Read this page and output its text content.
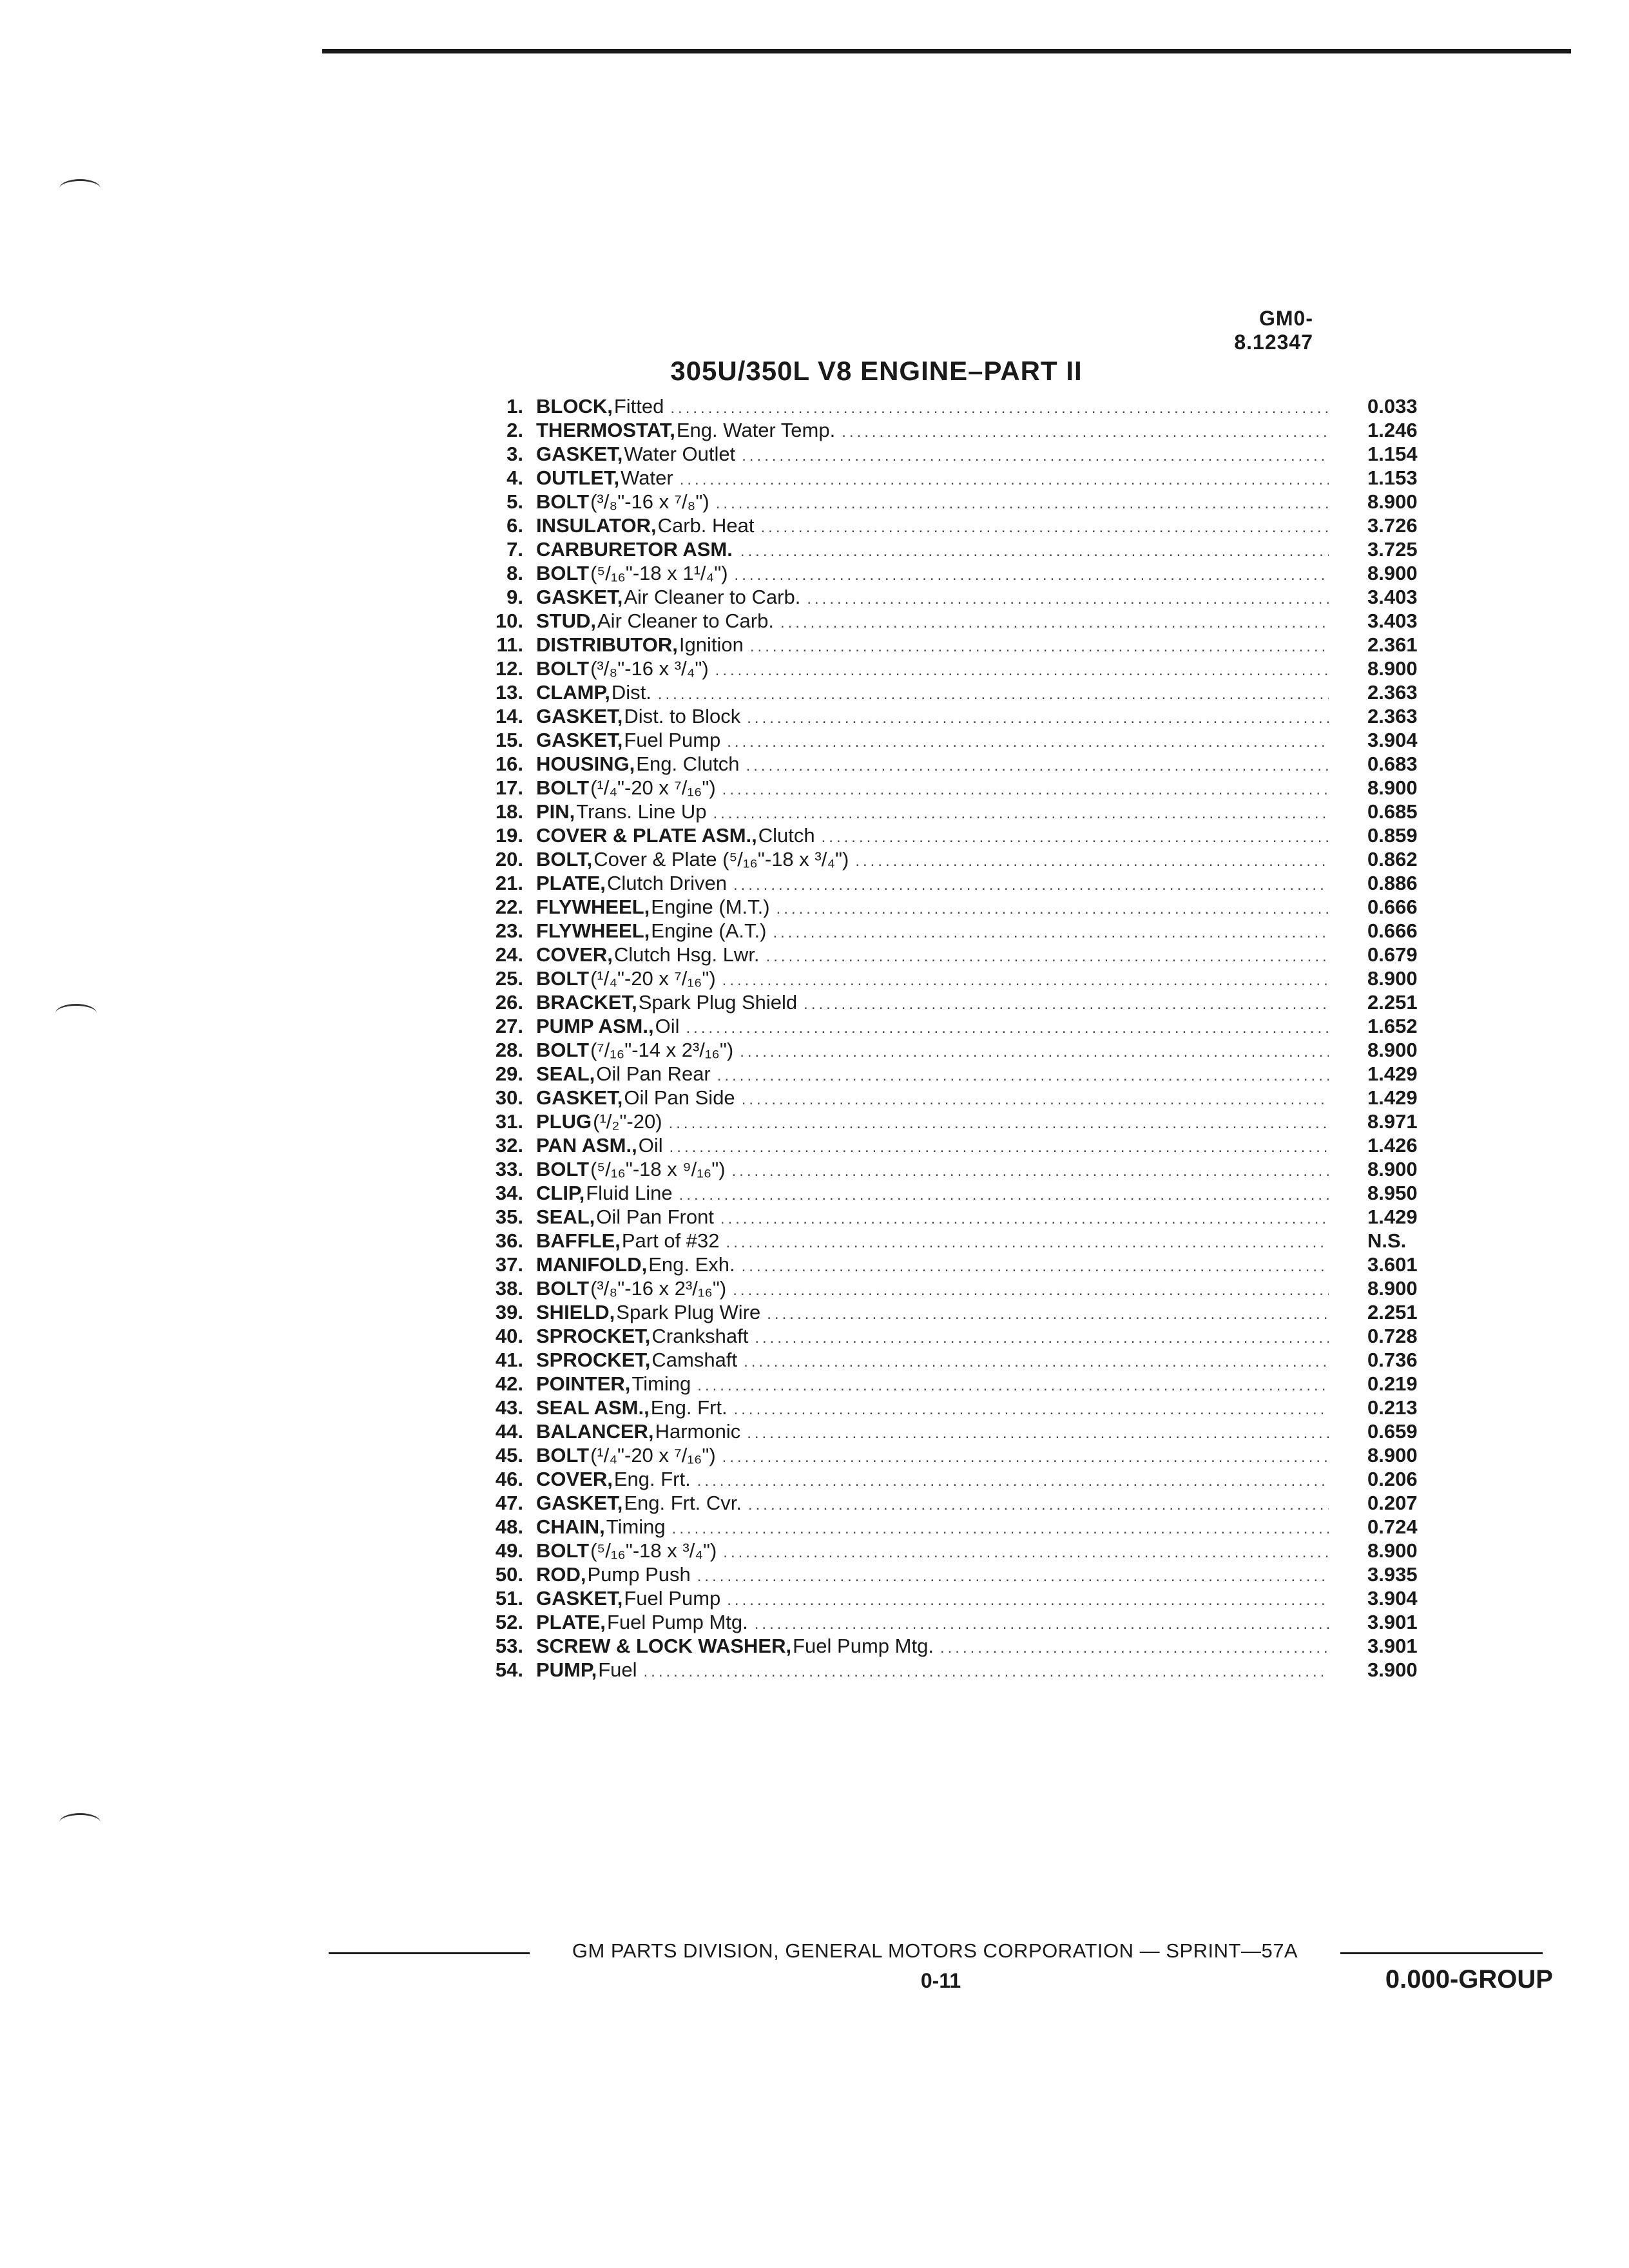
GM0-8.12347
305U/350L V8 ENGINE–PART II
1. BLOCK, Fitted .....	0.033
2. THERMOSTAT, Eng. Water Temp. .....	1.246
3. GASKET, Water Outlet .....	1.154
4. OUTLET, Water .....	1.153
5. BOLT (³/₈"-16 x ⁷/₈") .....	8.900
6. INSULATOR, Carb. Heat .....	3.726
7. CARBURETOR ASM. .....	3.725
8. BOLT (⁵/₁₆"-18 x 1¹/₄") .....	8.900
9. GASKET, Air Cleaner to Carb. .....	3.403
10. STUD, Air Cleaner to Carb. .....	3.403
11. DISTRIBUTOR, Ignition .....	2.361
12. BOLT (³/₈"-16 x ³/₄") .....	8.900
13. CLAMP, Dist. .....	2.363
14. GASKET, Dist. to Block .....	2.363
15. GASKET, Fuel Pump .....	3.904
16. HOUSING, Eng. Clutch .....	0.683
17. BOLT (¹/₄"-20 x ⁷/₁₆") .....	8.900
18. PIN, Trans. Line Up .....	0.685
19. COVER & PLATE ASM., Clutch .....	0.859
20. BOLT, Cover & Plate (⁵/₁₆"-18 x ³/₄") .....	0.862
21. PLATE, Clutch Driven .....	0.886
22. FLYWHEEL, Engine (M.T.) .....	0.666
23. FLYWHEEL, Engine (A.T.) .....	0.666
24. COVER, Clutch Hsg. Lwr. .....	0.679
25. BOLT (¹/₄"-20 x ⁷/₁₆") .....	8.900
26. BRACKET, Spark Plug Shield .....	2.251
27. PUMP ASM., Oil .....	1.652
28. BOLT (⁷/₁₆"-14 x 2³/₁₆") .....	8.900
29. SEAL, Oil Pan Rear .....	1.429
30. GASKET, Oil Pan Side .....	1.429
31. PLUG (¹/₂"-20) .....	8.971
32. PAN ASM., Oil .....	1.426
33. BOLT (⁵/₁₆"-18 x ⁹/₁₆") .....	8.900
34. CLIP, Fluid Line .....	8.950
35. SEAL, Oil Pan Front .....	1.429
36. BAFFLE, Part of #32 .....	N.S.
37. MANIFOLD, Eng. Exh. .....	3.601
38. BOLT (³/₈"-16 x 2³/₁₆") .....	8.900
39. SHIELD, Spark Plug Wire .....	2.251
40. SPROCKET, Crankshaft .....	0.728
41. SPROCKET, Camshaft .....	0.736
42. POINTER, Timing .....	0.219
43. SEAL ASM., Eng. Frt. .....	0.213
44. BALANCER, Harmonic .....	0.659
45. BOLT (¹/₄"-20 x ⁷/₁₆") .....	8.900
46. COVER, Eng. Frt. .....	0.206
47. GASKET, Eng. Frt. Cvr. .....	0.207
48. CHAIN, Timing .....	0.724
49. BOLT (⁵/₁₆"-18 x ³/₄") .....	8.900
50. ROD, Pump Push .....	3.935
51. GASKET, Fuel Pump .....	3.904
52. PLATE, Fuel Pump Mtg. .....	3.901
53. SCREW & LOCK WASHER, Fuel Pump Mtg. .....	3.901
54. PUMP, Fuel .....	3.900
GM PARTS DIVISION, GENERAL MOTORS CORPORATION — SPRINT—57A
0-11	0.000-GROUP
